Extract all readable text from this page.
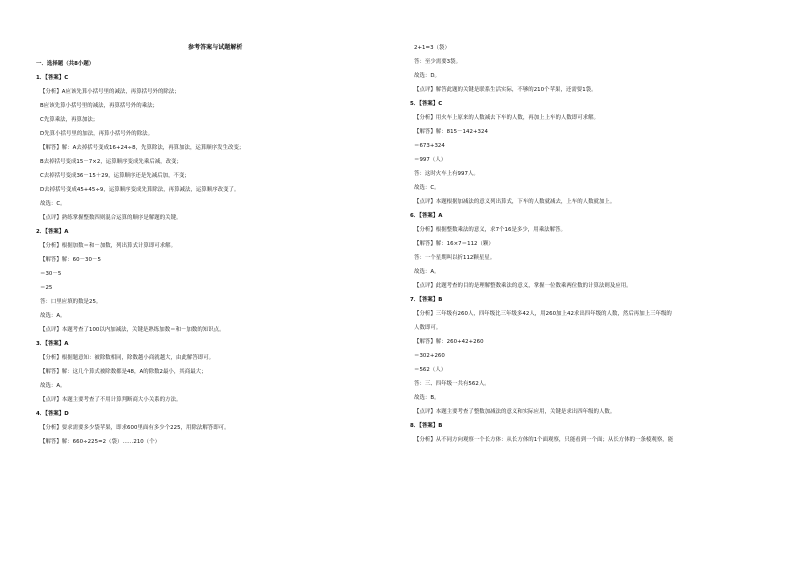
参考答案与试题解析
一．选择题（共8小题）
1．【答案】C
【分析】A应该先算小括号里的减法，再算括号外的除法；
B应该先算小括号里的减法，再算括号外的乘法；
C先算乘法，再算加法；
D先算小括号里的加法，再算小括号外的除法。
【解答】解：A去掉括号变成16+24÷8，先算除法，再算加法，运算顺序发生改变；
B去掉括号变成15－7×2，运算顺序变成先乘后减，改变；
C去掉括号变成36－15＋29，运算顺序还是先减后加，不变；
D去掉括号变成45+45÷9，运算顺序变成先算除法，再算减法，运算顺序改变了。
故选：C。
【点评】熟练掌握整数四则混合运算的顺序是解题的关键。
2．【答案】A
【分析】根据加数＝和－加数，列出算式计算即可求解。
【解答】解：60－30－5
＝30－5
＝25
答：口里应填的数是25。
故选：A。
【点评】本题考查了100以内加减法，关键是熟练加数＝和－加数的知识点。
3．【答案】A
【分析】根据题意知：被除数相同，除数越小商就越大，由此解答即可。
【解答】解：这几个算式被除数都是48，A的除数2最小，其商最大；
故选：A。
【点评】本题主要考查了不用计算判断商大小关系的方法。
4．【答案】D
【分析】要求需要多少袋苹果，即求600里面有多少个225，用除法解答即可。
【解答】解：660÷225=2（袋）……210（个）
2+1=3（袋）
答：至少需要3袋。
故选：D。
【点评】解答此题的关键是联系生活实际，不够的210个苹果，还需要1袋。
5．【答案】C
【分析】用火车上原来的人数减去下车的人数，再加上上车的人数即可求解。
【解答】解：815－142+324
＝673+324
＝997（人）
答：这时火车上有997人。
故选：C。
【点评】本题根据加减法的意义列出算式，下车的人数就减去，上车的人数就加上。
6．【答案】A
【分析】根据整数乘法的意义，求7个16是多少，用乘法解答。
【解答】解：16×7＝112（颗）
答：一个星期叫以折112颗星星。
故选：A。
【点评】此题考查的目的是理解整数乘法的意义，掌握一位数乘两位数的计算法则及应用。
7．【答案】B
【分析】三年级有260人，四年级比三年级多42人，用260加上42求出四年级的人数，然后再加上三年级的
人数即可。
【解答】解：260+42+260
＝302+260
＝562（人）
答：三、四年级一共有562人。
故选：B。
【点评】本题主要考查了整数加减法的意义和实际应用，关键是求出四年级的人数。
8．【答案】B
【分析】从不同方向观察一个长方体：从长方体的1个面观察，只能看到一个面；从长方体的一条棱观察，能
